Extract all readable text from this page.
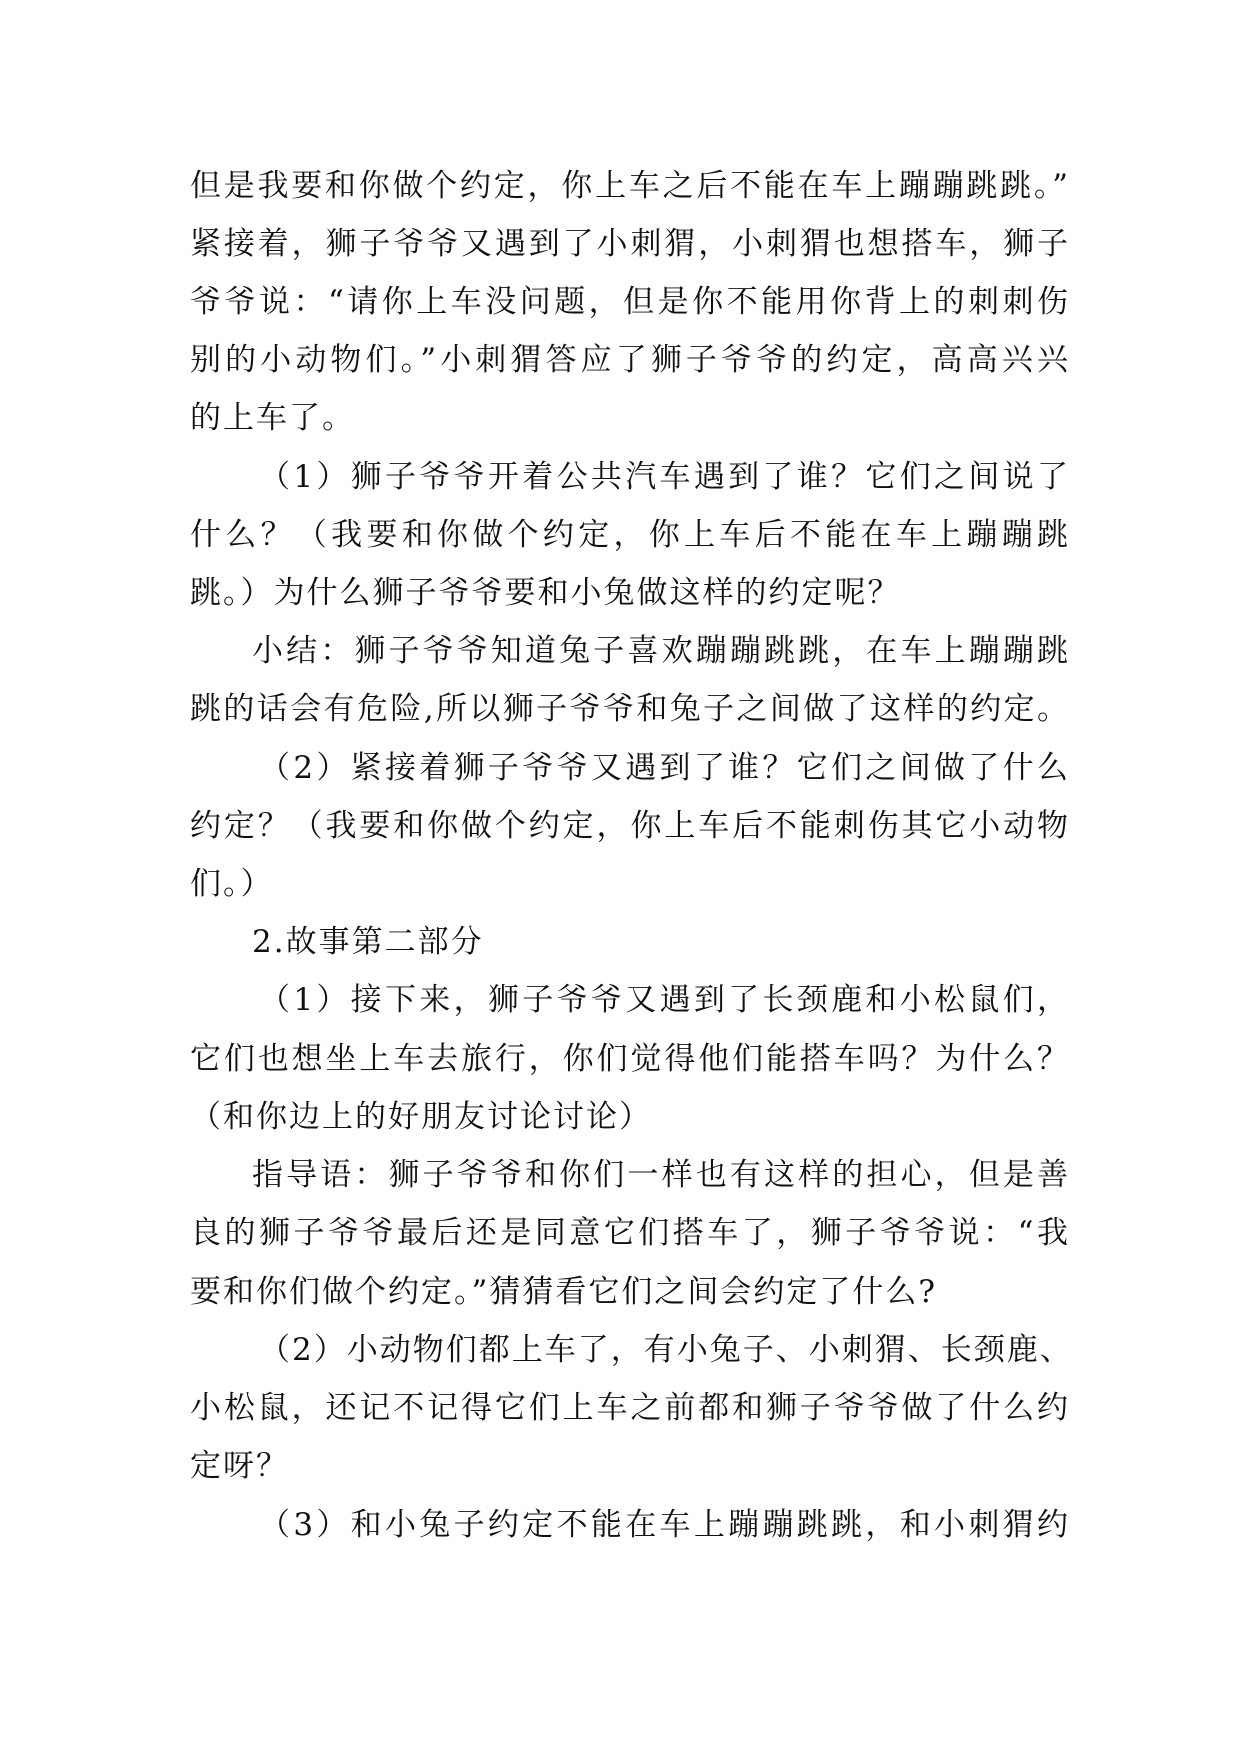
但是我要和你做个约定，你上车之后不能在车上蹦蹦跳跳。”
紧接着，狮子爷爷又遇到了小刺猬，小刺猬也想搭车，狮子
爷爷说：“请你上车没问题，但是你不能用你背上的刺刺伤
别的小动物们。”小刺猬答应了狮子爷爷的约定，高高兴兴
的上车了。
（1）狮子爷爷开着公共汽车遇到了谁？它们之间说了
什么？（我要和你做个约定，你上车后不能在车上蹦蹦跳
跳。）为什么狮子爷爷要和小兔做这样的约定呢？
小结：狮子爷爷知道兔子喜欢蹦蹦跳跳，在车上蹦蹦跳
跳的话会有危险,所以狮子爷爷和兔子之间做了这样的约定。
（2）紧接着狮子爷爷又遇到了谁？它们之间做了什么
约定？（我要和你做个约定，你上车后不能刺伤其它小动物
们。）
2.故事第二部分
（1）接下来，狮子爷爷又遇到了长颈鹿和小松鼠们，
它们也想坐上车去旅行，你们觉得他们能搭车吗？为什么？
（和你边上的好朋友讨论讨论）
指导语：狮子爷爷和你们一样也有这样的担心，但是善
良的狮子爷爷最后还是同意它们搭车了，狮子爷爷说：“我
要和你们做个约定。”猜猜看它们之间会约定了什么?
（2）小动物们都上车了，有小兔子、小刺猬、长颈鹿、
小松鼠，还记不记得它们上车之前都和狮子爷爷做了什么约
定呀？
（3）和小兔子约定不能在车上蹦蹦跳跳，和小刺猬约
